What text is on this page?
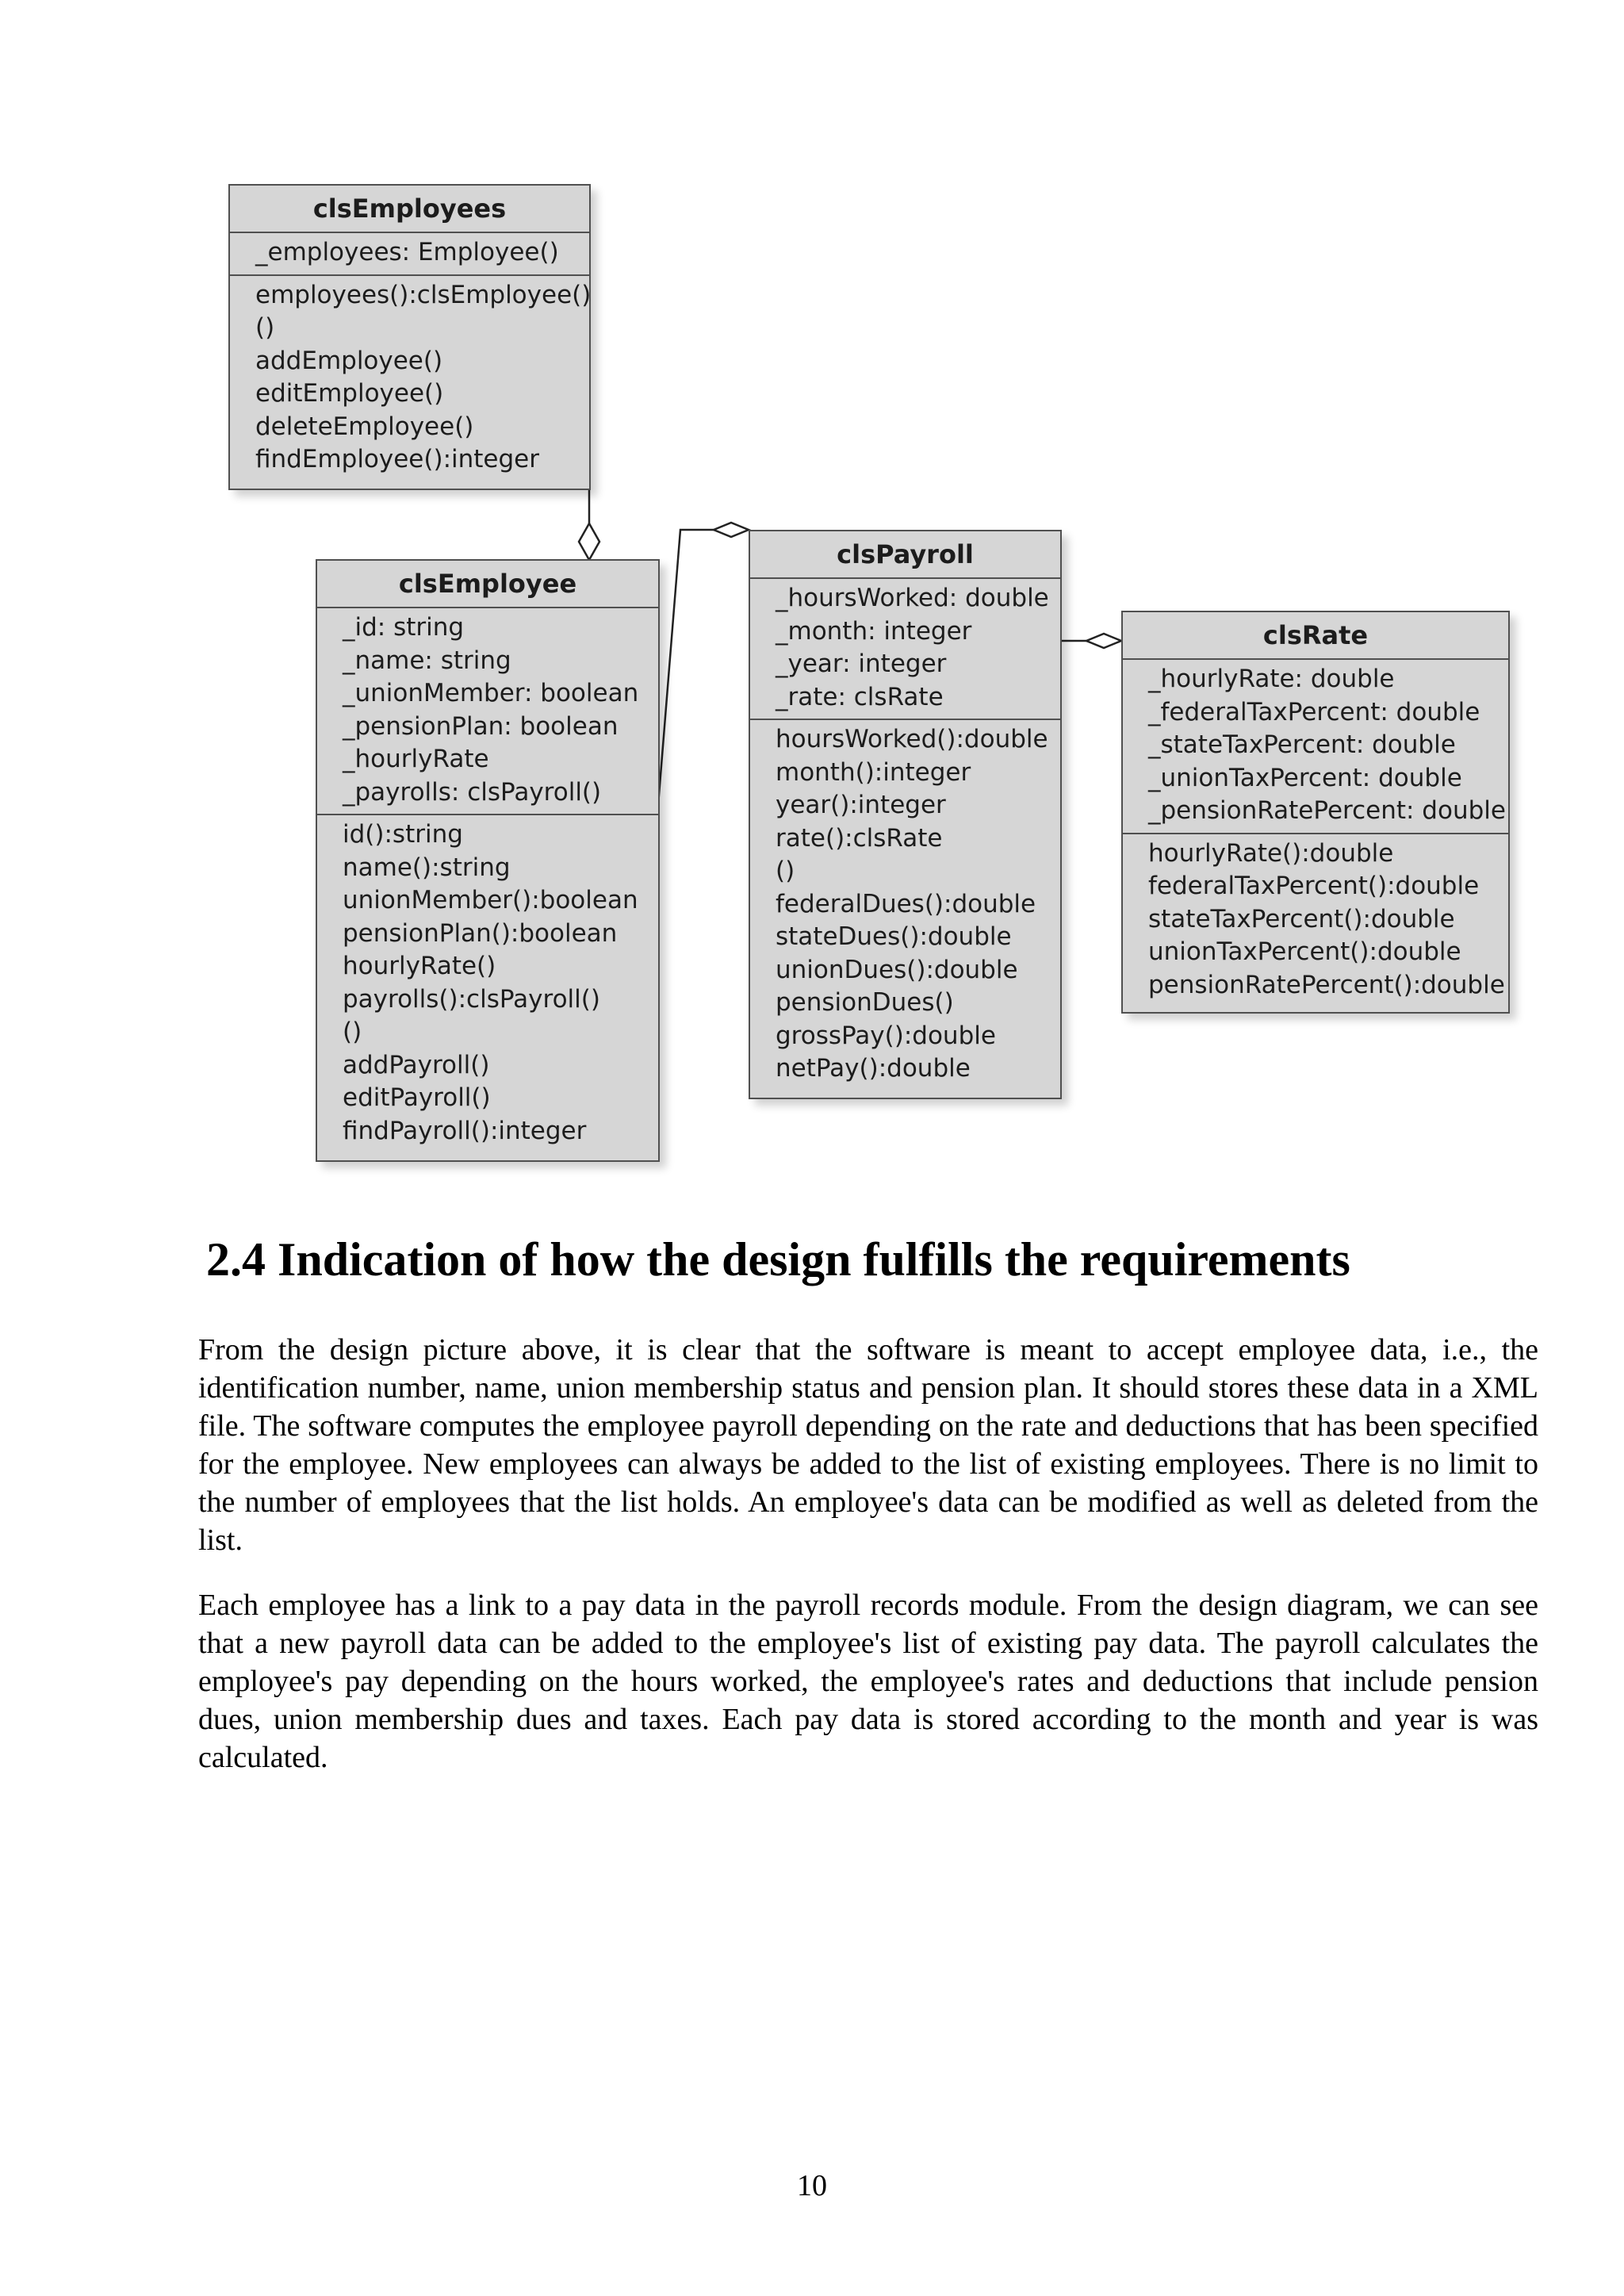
clsEmployees
_employees: Employee()
employees():clsEmployee()
()
addEmployee()
editEmployee()
deleteEmployee()
findEmployee():integer
clsEmployee
_id: string
_name: string
_unionMember: boolean
_pensionPlan: boolean
_hourlyRate
_payrolls: clsPayroll()
id():string
name():string
unionMember():boolean
pensionPlan():boolean
hourlyRate()
payrolls():clsPayroll()
()
addPayroll()
editPayroll()
findPayroll():integer
clsPayroll
_hoursWorked: double
_month: integer
_year: integer
_rate: clsRate
hoursWorked():double
month():integer
year():integer
rate():clsRate
()
federalDues():double
stateDues():double
unionDues():double
pensionDues()
grossPay():double
netPay():double
clsRate
_hourlyRate: double
_federalTaxPercent: double
_stateTaxPercent: double
_unionTaxPercent: double
_pensionRatePercent: double
hourlyRate():double
federalTaxPercent():double
stateTaxPercent():double
unionTaxPercent():double
pensionRatePercent():double
2.4 Indication of how the design fulfills the requirements

From the design picture above, it is clear that the software is meant to accept employee data, i.e., the identification number, name, union membership status and pension plan. It should stores these data in a XML file. The software computes the employee payroll depending on the rate and deductions that has been specified for the employee. New employees can always be added to the list of existing employees. There is no limit to the number of employees that the list holds. An employee's data can be modified as well as deleted from the list.

Each employee has a link to a pay data in the payroll records module. From the design diagram, we can see that a new payroll data can be added to the employee's list of existing pay data. The payroll calculates the employee's pay depending on the hours worked, the employee's rates and deductions that include pension dues, union membership dues and taxes. Each pay data is stored according to the month and year is was calculated.

10
